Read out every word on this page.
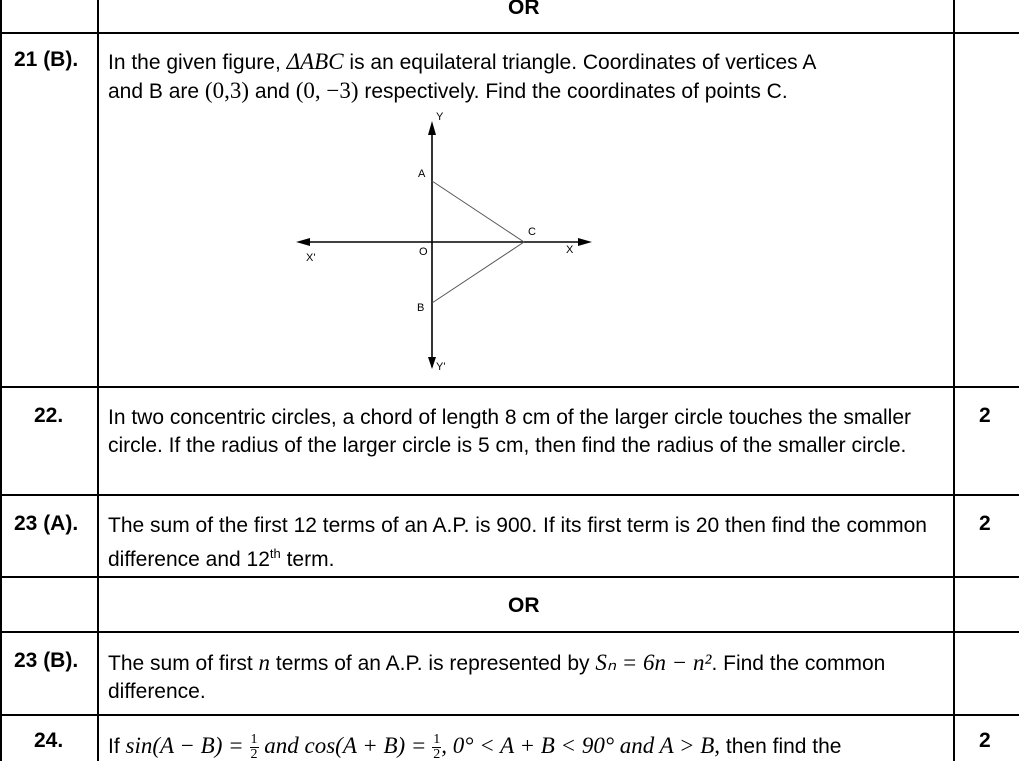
OR
21 (B). In the given figure, ΔABC is an equilateral triangle. Coordinates of vertices A
and B are (0,3) and (0, −3) respectively. Find the coordinates of points C.
Y
Y'
X
X'	O
A
B
C
22. In two concentric circles, a chord of length 8 cm of the larger circle touches the smaller circle. If the radius of the larger circle is 5 cm, then find the radius of the smaller circle.
2
23 (A). The sum of the first 12 terms of an A.P. is 900. If its first term is 20 then find the common difference and 12th term.
2
OR
23 (B). The sum of first n terms of an A.P. is represented by Sₙ = 6n − n². Find the common difference.
24. If $\sin(A - B) = \frac{1}{2}$ and $\cos(A + B) = \frac{1}{2}$ , 0° < A + B < 90° and A > B, then find the	2
